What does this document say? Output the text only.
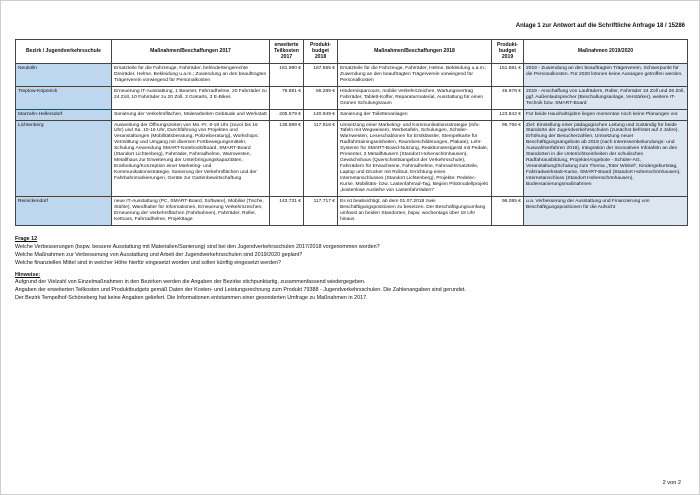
Anlage 1 zur Antwort auf die Schriftliche Anfrage 18 / 15286
Bezirk / Jugendverkehrsschule	Maßnahmen/Beschaffungen 2017	erweiterte Teilkosten 2017	Produkt-budget 2018	Maßnahmen/Beschaffungen 2018	Produkt-budget 2019	Maßnahmen 2019/2020
Neukölln	Ersatzteile für die Fahrzeuge, Fahrräder, behindertengerechte Dreiräder, Helme, Bekleidung u.a.m.; Zuwendung an den beauftragten Trägerverein vorwiegend für Personalkosten	181.990 €	167.555 €	Ersatzteile für die Fahrzeuge, Fahrräder, Helme, Bekleidung u.a.m.; Zuwendung an den beauftragten Trägerverein vorwiegend für Personalkosten	151.881 €	2019 - Zuwendung an den beauftragten Trägerverein, Schwerpunkt für die Personalkosten. Für 2020 können keine Aussagen getroffen werden.
Treptow-Köpenick	Erneuerung IT-Ausstattung, 1 Beamer, Fahrradhelme, 20 Fahrräder zu 24 Zoll, 10 Fahrräder zu 20 Zoll, 3 GoKarts, 3 E-Bikes	78.881 €	56.289 €	Hindernisparcours, mobile Verkehrszeichen, Wartungsvertrag Fahrräder, Tablett-Koffer, Reparaturmaterial, Ausstattung für einen Grünen Schulungsraum	45.978 €	2019 - Anschaffung von Laufrädern, Roller, Fahrräder 24 Zoll und 26 Zoll, ggf. Außenlautsprecher (Beschallungsanlage, Verstärker), weitere IT-Technik bzw. SMART-Board
Marzahn-Hellersdorf	Sanierung der Verkehrsflächen, Malerarbeiten Gebäude und Werkstatt	205.679 €	140.949 €	Sanierung der Toilettenanlagen	123.842 €	Für beide Haushaltsjahre liegen momentan noch keine Planungen vor.
Lichtenberg	Ausweitung der Öffnungszeiten von Mo.-Fr. 8-18 Uhr (zuvor bis 16 Uhr) und Sa. 10-16 Uhr, Durchführung von Projekten und Veranstaltungen (Mobilitätsberatung, Polizeiberatung), Workshops: Vermittlung und Umgang mit diversen Fortbewegungsmitteln, Schulung Anwendung SMART-Notebook/Board, SMART-Board (Standort Lichtenberg), Fahrräder, Fahrradhelme, Warnwesten, Metallhaus zur Erweiterung der Unterbringungskapazitäten, Erarbeitung/Konzeption einer Marketing- und Kommunikationsstrategie, Sanierung der Verkehrsflächen und der Fahrbahnmarkierungen, Geräte zur Gartenbewirtschaftung	135.889 €	117.918 €	Umsetzung einer Marketing- und Kommunikationsstrategie (Info-Tafeln mit Wegweisern, Werbetafeln, Schulungen, Schüler-Warnwesten, Leseschablonen für Erstklässler, Stempelkarte für Radfahrtrainingseinheiten, Raumbeschilderungen, Plakate), Lehr-Systeme für SMART-Board-Nutzung, Reaktionstestgerät mit Pedale, Presenter, 2 Metallhäusern (Standort Hohenschönhausen), Gewächshaus (Querschnittsangebot der Verkehrsschule), Fahrrädern für Erwachsene, Fahrradhelme, Fahrrad-Ersatzteile, Laptop und Drucker mit Rollout, Errichtung eines Internetanschlusses (Standort Lichtenberg), Projekte: Pedelec-Kurse, Mobilitäts- bzw. Lastenfahrrad-Tag, Beginn Pilotmodellprojekt „kostenlose Ausleihe von Lastenfahrrädern“	95.766 €	Ziel: Einstellung einer pädagogischen Leitung und zuständig für beide Standorte der Jugendverkehrsschulen (zunächst befristet auf 2 Jahre), Erhöhung der Besucherzahlen, Umsetzung neuer Beschäftigungsangebote ab 2019 (nach Interessenbekundungs- und Auswahlverfahren 2018), Integration der innovativen Infotafeln an den Standorten in die Unterrichtseinheiten der schulischen Radfahrausbildung, Projekte/Angebote - Schüler-AG, Veranstaltung/Schulung zum Thema „Toter Winkel“, Kindergeburtstag, Fahrradwerkstatt-Kurse, SMART-Board (Standort Hohenschönhausen), Internetanschluss (Standort Hohenschönhausen), Bodensanierungsmaßnahmen
Reinickendorf	neue IT-Ausstattung (PC, SMART-Board, Software), Mobiliar (Tische, Stühle), Wandhalter für Informationen, Erneuerung Verkehrszeichen, Erneuerung der Verkehrsflächen (Fahrbahnen), Fahrräder, Roller, Kettcars, Fahrradhelme, Projekttage	143.731 €	117.717 €	Es ist beabsichtigt, ab dem 01.07.2018 zwei Beschäftigungspositionen zu besetzen. Der Beschäftigungsumfang umfasst an beiden Standorten, bspw. wochentags über 16 Uhr hinaus	98.085 €	u.a. Verbesserung der Ausstattung und Finanzierung von Beschäftigungspositionen für die Aufsicht
Frage 12
Welche Verbesserungen (bspw. bessere Ausstattung mit Materialien/Sanierung) sind bei den Jugendverkehrsschulen 2017/2018 vorgenommen worden?
Welche Maßnahmen zur Verbesserung von Ausstattung und Arbeit der Jugendverkehrsschulen sind 2019/2020 geplant?
Welche finanziellen Mittel sind in welcher Höhe hierfür eingesetzt worden und sollen künftig eingesetzt werden?
Hinweise:
Aufgrund der Vielzahl von Einzelmaßnahmen in den Bezirken werden die Angaben der Bezirke stichpunktartig, zusammenfassend wiedergegeben.
Angaben der erweiterten Teilkosten und Produktbudgets gemäß Daten der Kosten- und Leistungsrechnung zum Produkt 79388 - Jugendverkehrsschulen. Die Zahlenangaben sind gerundet.
Der Bezirk Tempelhof-Schöneberg hat keine Angaben geliefert. Die Informationen entstammen einer gesonderten Umfrage zu Maßnahmen in 2017.
2 von 2
